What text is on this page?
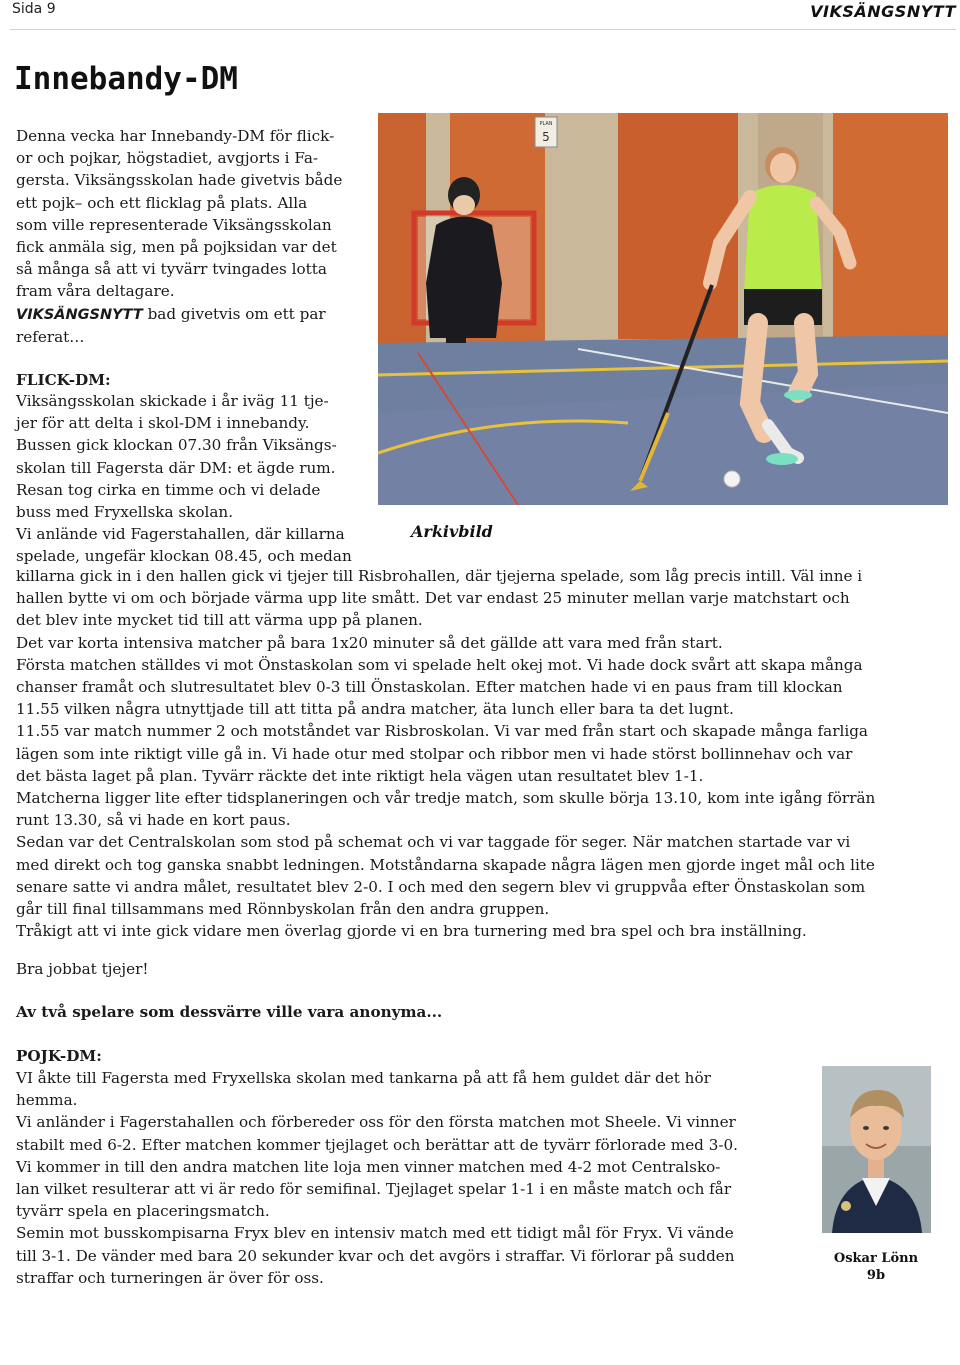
Sida 9	VIKSÄNGSNYTT
Innebandy-DM

Denna vecka har Innebandy-DM för flick-
or och pojkar, högstadiet, avgjorts i Fa-
gersta. Viksängsskolan hade givetvis både
ett pojk– och ett flicklag på plats. Alla
som ville representerade Viksängsskolan
fick anmäla sig, men på pojksidan var det
så många så att vi tyvärr tvingades lotta
fram våra deltagare.
VIKSÄNGSNYTT bad givetvis om ett par
referat…

FLICK-DM:

Viksängsskolan skickade i år iväg 11 tje-
jer för att delta i skol-DM i innebandy.
Bussen gick klockan 07.30 från Viksängs-
skolan till Fagersta där DM: et ägde rum.
Resan tog cirka en timme och vi delade
buss med Fryxellska skolan.
Vi anlände vid Fagerstahallen, där killarna
spelade, ungefär klockan 08.45, och medan

PLAN
5
Arkivbild

killarna gick in i den hallen gick vi tjejer till Risbrohallen, där tjejerna spelade, som låg precis intill. Väl inne i
hallen bytte vi om och började värma upp lite smått. Det var endast 25 minuter mellan varje matchstart och
det blev inte mycket tid till att värma upp på planen.
Det var korta intensiva matcher på bara 1x20 minuter så det gällde att vara med från start.
Första matchen ställdes vi mot Önstaskolan som vi spelade helt okej mot. Vi hade dock svårt att skapa många
chanser framåt och slutresultatet blev 0-3 till Önstaskolan. Efter matchen hade vi en paus fram till klockan
11.55 vilken några utnyttjade till att titta på andra matcher, äta lunch eller bara ta det lugnt.
11.55 var match nummer 2 och motståndet var Risbroskolan. Vi var med från start och skapade många farliga
lägen som inte riktigt ville gå in. Vi hade otur med stolpar och ribbor men vi hade störst bollinnehav och var
det bästa laget på plan. Tyvärr räckte det inte riktigt hela vägen utan resultatet blev 1-1.
Matcherna ligger lite efter tidsplaneringen och vår tredje match, som skulle börja 13.10, kom inte igång förrän
runt 13.30, så vi hade en kort paus.
Sedan var det Centralskolan som stod på schemat och vi var taggade för seger. När matchen startade var vi
med direkt och tog ganska snabbt ledningen. Motståndarna skapade några lägen men gjorde inget mål och lite
senare satte vi andra målet, resultatet blev 2-0. I och med den segern blev vi gruppvåa efter Önstaskolan som
går till final tillsammans med Rönnbyskolan från den andra gruppen.
Tråkigt att vi inte gick vidare men överlag gjorde vi en bra turnering med bra spel och bra inställning.

Bra jobbat tjejer!

Av två spelare som dessvärre ville vara anonyma...

POJK-DM:

VI åkte till Fagersta med Fryxellska skolan med tankarna på att få hem guldet där det hör
hemma.
Vi anländer i Fagerstahallen och förbereder oss för den första matchen mot Sheele. Vi vinner
stabilt med 6-2. Efter matchen kommer tjejlaget och berättar att de tyvärr förlorade med 3-0.
Vi kommer in till den andra matchen lite loja men vinner matchen med 4-2 mot Centralsko-
lan vilket resulterar att vi är redo för semifinal. Tjejlaget spelar 1-1 i en måste match och får
tyvärr spela en placeringsmatch.
Semin mot busskompisarna Fryx blev en intensiv match med ett tidigt mål för Fryx. Vi vände
till 3-1. De vänder med bara 20 sekunder kvar och det avgörs i straffar. Vi förlorar på sudden
straffar och turneringen är över för oss.

Oskar Lönn
9b
